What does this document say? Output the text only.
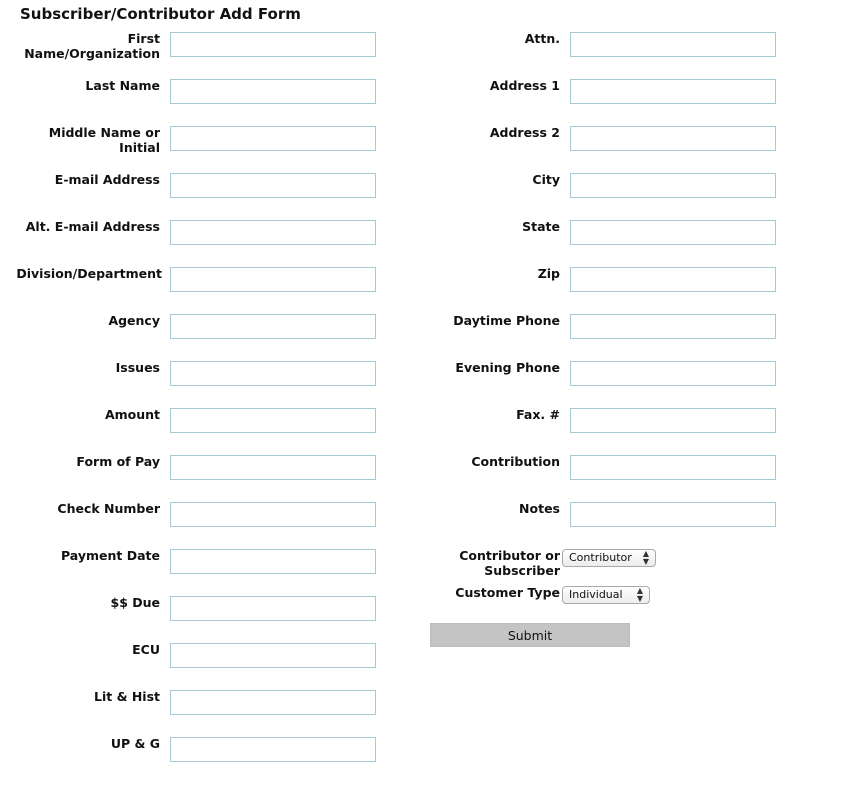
Subscriber/Contributor Add Form
First Name/Organization
Last Name
Middle Name or Initial
E-mail Address
Alt. E-mail Address
Division/Department
Agency
Issues
Amount
Form of Pay
Check Number
Payment Date
$$ Due
ECU
Lit & Hist
UP & G
Attn.
Address 1
Address 2
City
State
Zip
Daytime Phone
Evening Phone
Fax. #
Contribution
Notes
Contributor or Subscriber
Contributor ▲
▼
Customer Type Individual ▲
▼
Submit
